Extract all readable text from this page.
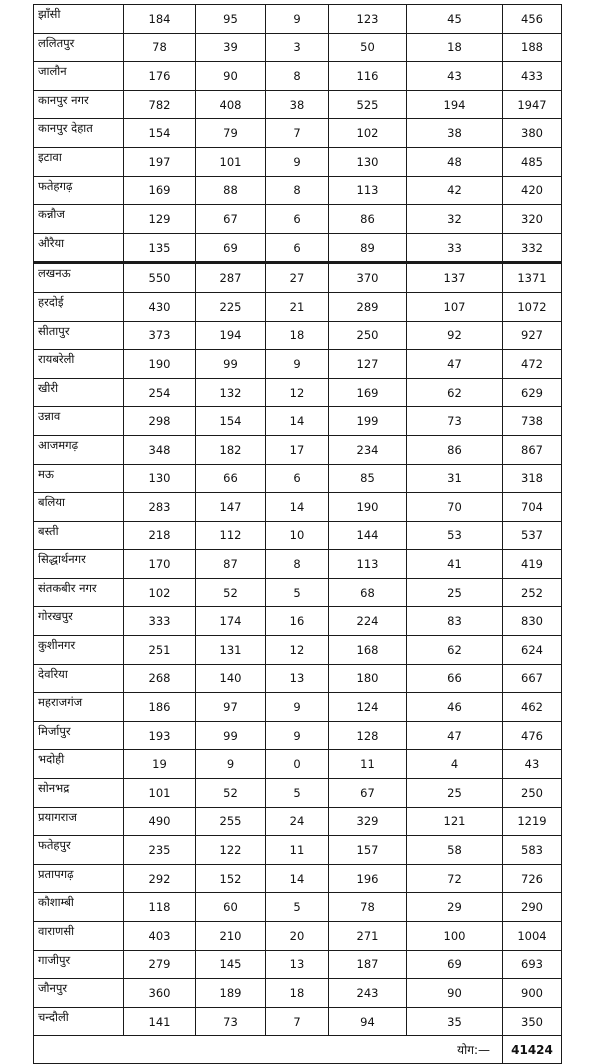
झाँसी	184	95	9	123	45	456
ललितपुर	78	39	3	50	18	188
जालौन	176	90	8	116	43	433
कानपुर नगर	782	408	38	525	194	1947
कानपुर देहात	154	79	7	102	38	380
इटावा	197	101	9	130	48	485
फतेहगढ़	169	88	8	113	42	420
कन्नौज	129	67	6	86	32	320
औरैया	135	69	6	89	33	332
लखनऊ	550	287	27	370	137	1371
हरदोई	430	225	21	289	107	1072
सीतापुर	373	194	18	250	92	927
रायबरेली	190	99	9	127	47	472
खीरी	254	132	12	169	62	629
उन्नाव	298	154	14	199	73	738
आजमगढ़	348	182	17	234	86	867
मऊ	130	66	6	85	31	318
बलिया	283	147	14	190	70	704
बस्ती	218	112	10	144	53	537
सिद्धार्थनगर	170	87	8	113	41	419
संतकबीर नगर	102	52	5	68	25	252
गोरखपुर	333	174	16	224	83	830
कुशीनगर	251	131	12	168	62	624
देवरिया	268	140	13	180	66	667
महराजगंज	186	97	9	124	46	462
मिर्जापुर	193	99	9	128	47	476
भदोही	19	9	0	11	4	43
सोनभद्र	101	52	5	67	25	250
प्रयागराज	490	255	24	329	121	1219
फतेहपुर	235	122	11	157	58	583
प्रतापगढ़	292	152	14	196	72	726
कौशाम्बी	118	60	5	78	29	290
वाराणसी	403	210	20	271	100	1004
गाजीपुर	279	145	13	187	69	693
जौनपुर	360	189	18	243	90	900
चन्दौली	141	73	7	94	35	350
योग:—						41424
